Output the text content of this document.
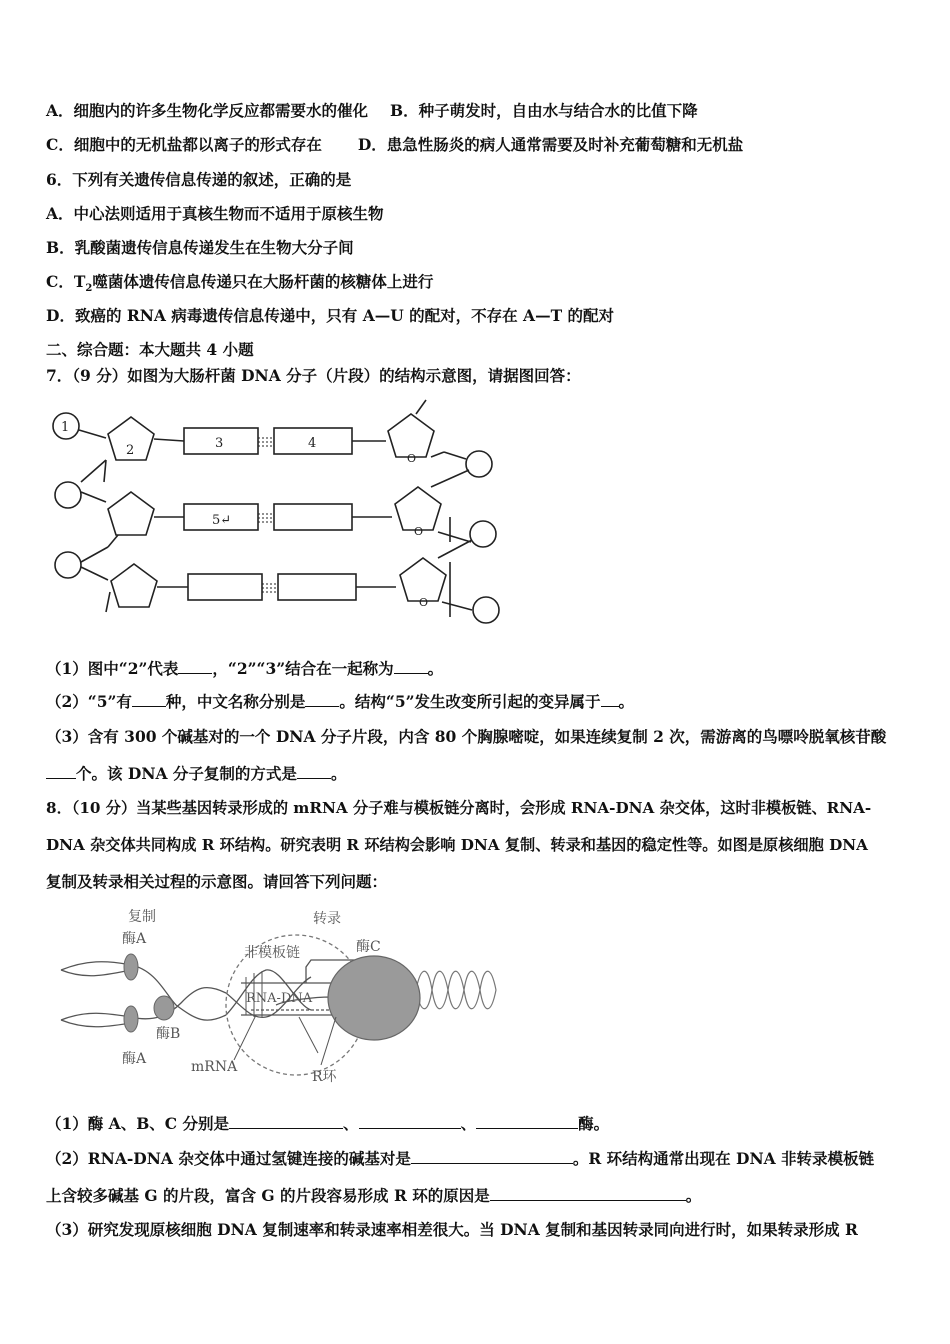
A．细胞内的许多生物化学反应都需要水的催化 B．种子萌发时，自由水与结合水的比值下降
C．细胞中的无机盐都以离子的形式存在 D．患急性肠炎的病人通常需要及时补充葡萄糖和无机盐
6．下列有关遗传信息传递的叙述，正确的是
A．中心法则适用于真核生物而不适用于原核生物
B．乳酸菌遗传信息传递发生在生物大分子间
C．$T_2$噬菌体遗传信息传递只在大肠杆菌的核糖体上进行
D．致癌的 RNA 病毒遗传信息传递中，只有 A—U 的配对，不存在 A—T 的配对
二、综合题：本大题共 4 小题
7．（9 分）如图为大肠杆菌 DNA 分子（片段）的结构示意图，请据图回答：
1
2	3	4
5↵
O
O
O
（1）图中“2”代表 ，“2”“3”结合在一起称为 。
（2）“5”有 种，中文名称分别是 。结构“5”发生改变所引起的变异属于 。
（3）含有 300 个碱基对的一个 DNA 分子片段，内含 80 个胸腺嘧啶，如果连续复制 2 次，需游离的鸟嘌呤脱氧核苷酸
个。该 DNA 分子复制的方式是 。
8．（10 分）当某些基因转录形成的 mRNA 分子难与模板链分离时，会形成 RNA-DNA 杂交体，这时非模板链、RNA-
DNA 杂交体共同构成 R 环结构。研究表明 R 环结构会影响 DNA 复制、转录和基因的稳定性等。如图是原核细胞 DNA
复制及转录相关过程的示意图。请回答下列问题：
复制
酶A
转录
酶C
非模板链
RNA-DNA
酶B
酶A	mRNA
R环
（1）酶 A、B、C 分别是	、	、	酶。
（2）RNA-DNA 杂交体中通过氢键连接的碱基对是	。R 环结构通常出现在 DNA 非转录模板链
上含较多碱基 G 的片段，富含 G 的片段容易形成 R 环的原因是	。
（3）研究发现原核细胞 DNA 复制速率和转录速率相差很大。当 DNA 复制和基因转录同向进行时，如果转录形成 R
